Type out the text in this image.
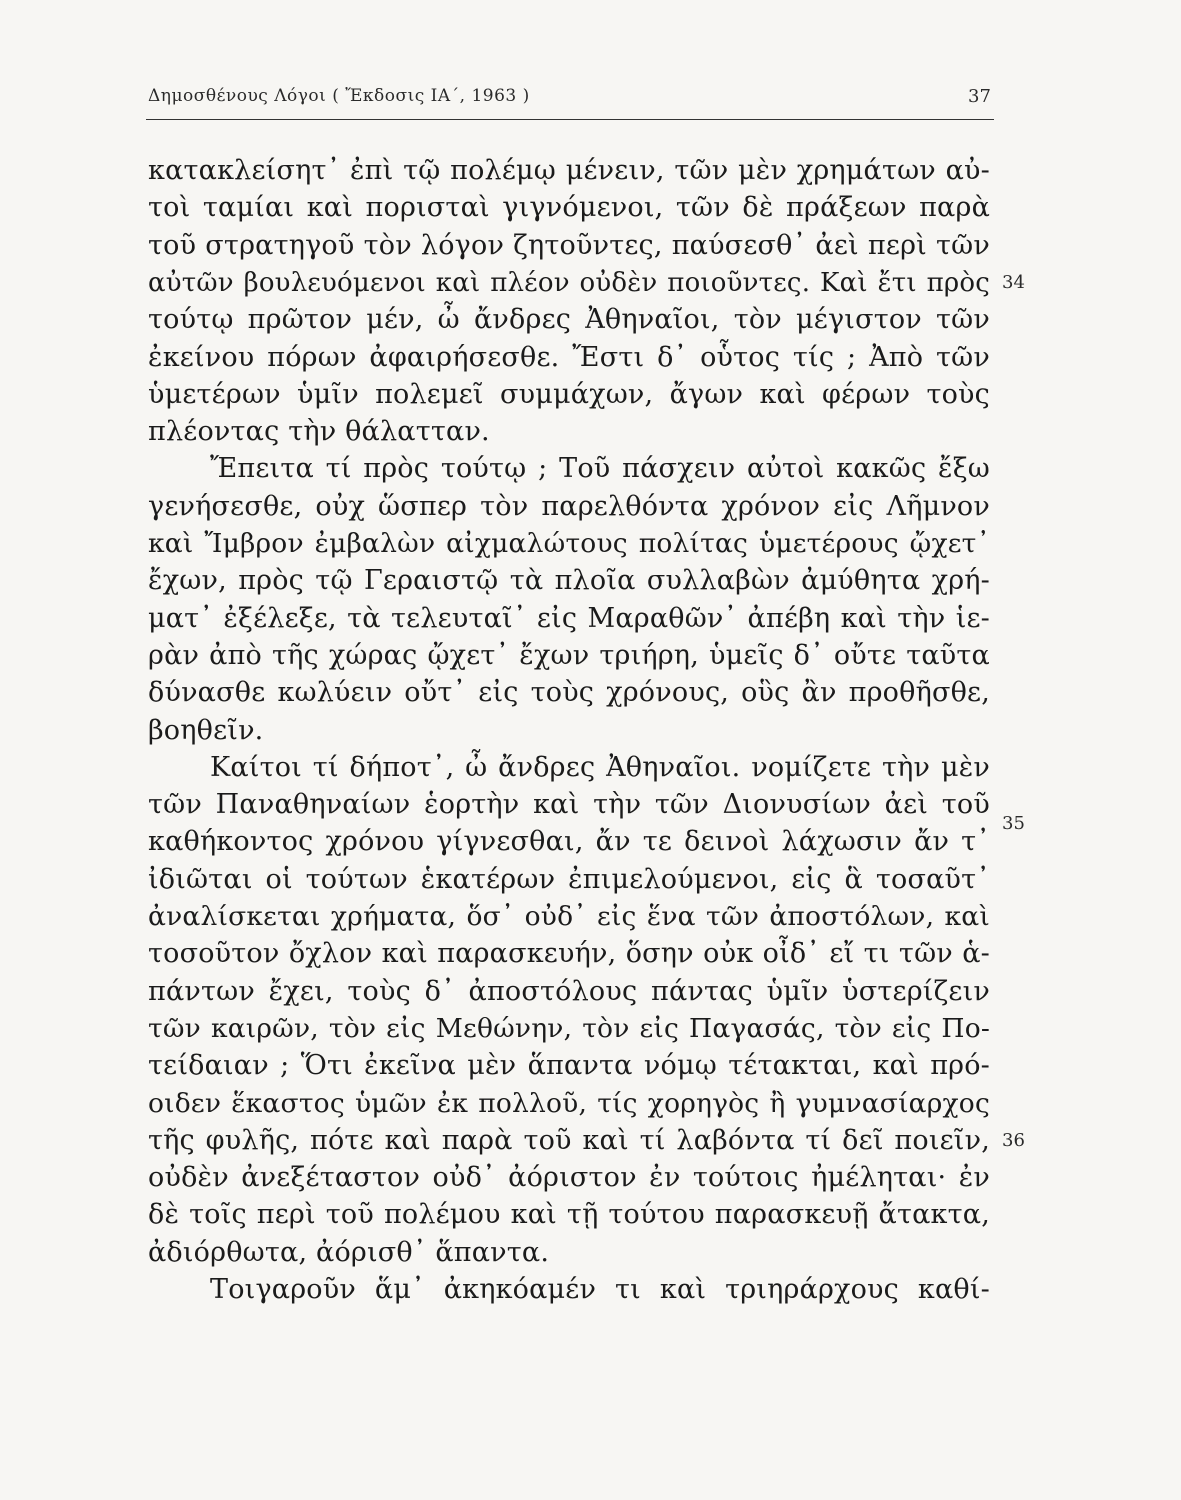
Δημοσθένους Λόγοι ( Ἔκδοσις ΙΑ΄, 1963 )	37
κατακλείσητ᾽ ἐπὶ τῷ πολέμῳ μένειν, τῶν μὲν χρημάτων αὐ-
τοὶ ταμίαι καὶ πορισταὶ γιγνόμενοι, τῶν δὲ πράξεων παρὰ
τοῦ στρατηγοῦ τὸν λόγον ζητοῦντες, παύσεσθ᾽ ἀεὶ περὶ τῶν
αὐτῶν βουλευόμενοι καὶ πλέον οὐδὲν ποιοῦντες. Καὶ ἔτι πρὸς
τούτῳ πρῶτον μέν, ὦ ἄνδρες Ἀθηναῖοι, τὸν μέγιστον τῶν
ἐκείνου πόρων ἀφαιρήσεσθε. Ἔστι δ᾽ οὗτος τίς ; Ἀπὸ τῶν
ὑμετέρων ὑμῖν πολεμεῖ συμμάχων, ἄγων καὶ φέρων τοὺς
πλέοντας τὴν θάλατταν.
Ἔπειτα τί πρὸς τούτῳ ; Τοῦ πάσχειν αὐτοὶ κακῶς ἔξω
γενήσεσθε, οὐχ ὥσπερ τὸν παρελθόντα χρόνον εἰς Λῆμνον
καὶ Ἴμβρον ἐμβαλὼν αἰχμαλώτους πολίτας ὑμετέρους ᾤχετ᾽
ἔχων, πρὸς τῷ Γεραιστῷ τὰ πλοῖα συλλαβὼν ἀμύθητα χρή-
ματ᾽ ἐξέλεξε, τὰ τελευταῖ᾽ εἰς Μαραθῶν᾽ ἀπέβη καὶ τὴν ἱε-
ρὰν ἀπὸ τῆς χώρας ᾤχετ᾽ ἔχων τριήρη, ὑμεῖς δ᾽ οὔτε ταῦτα
δύνασθε κωλύειν οὔτ᾽ εἰς τοὺς χρόνους, οὓς ἂν προθῆσθε,
βοηθεῖν.
Καίτοι τί δήποτ᾽, ὦ ἄνδρες Ἀθηναῖοι. νομίζετε τὴν μὲν
τῶν Παναθηναίων ἑορτὴν καὶ τὴν τῶν Διονυσίων ἀεὶ τοῦ
καθήκοντος χρόνου γίγνεσθαι, ἄν τε δεινοὶ λάχωσιν ἄν τ᾽
ἰδιῶται οἱ τούτων ἑκατέρων ἐπιμελούμενοι, εἰς ἃ τοσαῦτ᾽
ἀναλίσκεται χρήματα, ὅσ᾽ οὐδ᾽ εἰς ἕνα τῶν ἀποστόλων, καὶ
τοσοῦτον ὄχλον καὶ παρασκευήν, ὅσην οὐκ οἶδ᾽ εἴ τι τῶν ἁ-
πάντων ἔχει, τοὺς δ᾽ ἀποστόλους πάντας ὑμῖν ὑστερίζειν
τῶν καιρῶν, τὸν εἰς Μεθώνην, τὸν εἰς Παγασάς, τὸν εἰς Πο-
τείδαιαν ; Ὅτι ἐκεῖνα μὲν ἅπαντα νόμῳ τέτακται, καὶ πρό-
οιδεν ἕκαστος ὑμῶν ἐκ πολλοῦ, τίς χορηγὸς ἢ γυμνασίαρχος
τῆς φυλῆς, πότε καὶ παρὰ τοῦ καὶ τί λαβόντα τί δεῖ ποιεῖν,
οὐδὲν ἀνεξέταστον οὐδ᾽ ἀόριστον ἐν τούτοις ἠμέληται· ἐν
δὲ τοῖς περὶ τοῦ πολέμου καὶ τῇ τούτου παρασκευῇ ἄτακτα,
ἀδιόρθωτα, ἀόρισθ᾽ ἅπαντα.
Τοιγαροῦν ἅμ᾽ ἀκηκόαμέν τι καὶ τριηράρχους καθί-
34
35
36
